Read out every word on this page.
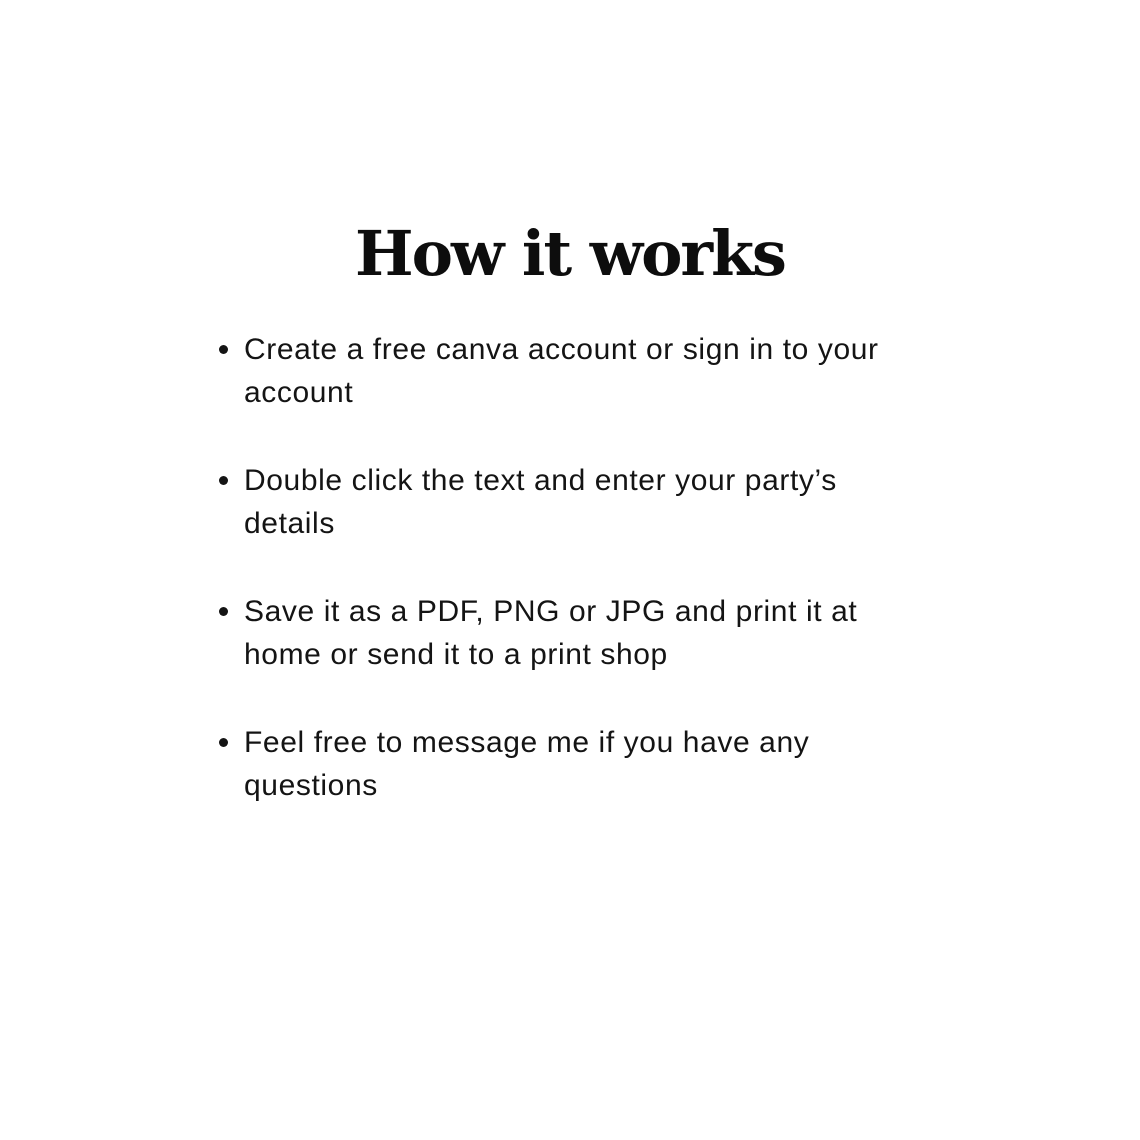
How it works
Create a free canva account or sign in to your account
Double click the text and enter your party’s details
Save it as a PDF, PNG or JPG and print it at home or send it to a print shop
Feel free to message me if you have any questions
